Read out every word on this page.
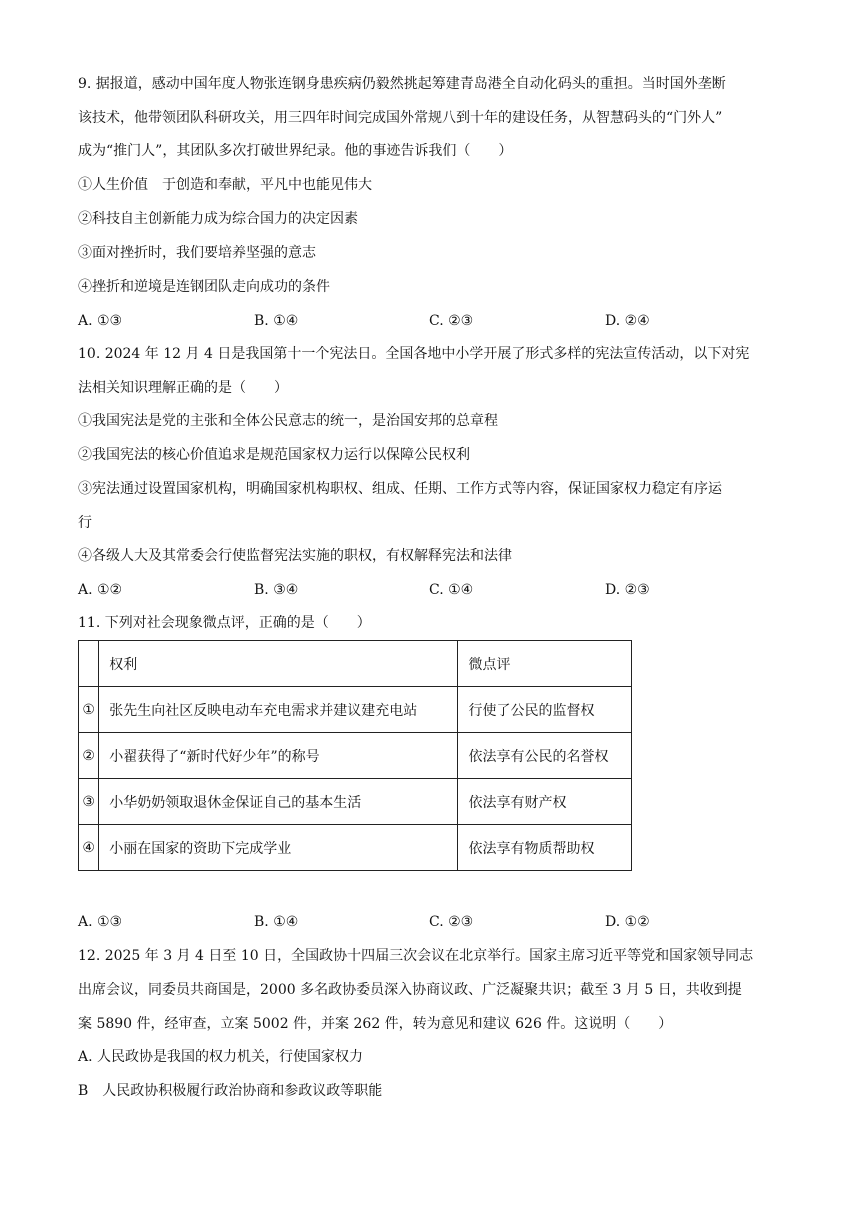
9. 据报道，感动中国年度人物张连钢身患疾病仍毅然挑起筹建青岛港全自动化码头的重担。当时国外垄断
该技术，他带领团队科研攻关，用三四年时间完成国外常规八到十年的建设任务，从智慧码头的“门外人”
成为“推门人”，其团队多次打破世界纪录。他的事迹告诉我们（　　）
①人生价值　于创造和奉献，平凡中也能见伟大
②科技自主创新能力成为综合国力的决定因素
③面对挫折时，我们要培养坚强的意志
④挫折和逆境是连钢团队走向成功的条件
A. ①③	B. ①④	C. ②③	D. ②④
10. 2024 年 12 月 4 日是我国第十一个宪法日。全国各地中小学开展了形式多样的宪法宣传活动，以下对宪
法相关知识理解正确的是（　　）
①我国宪法是党的主张和全体公民意志的统一，是治国安邦的总章程
②我国宪法的核心价值追求是规范国家权力运行以保障公民权利
③宪法通过设置国家机构，明确国家机构职权、组成、任期、工作方式等内容，保证国家权力稳定有序运
行
④各级人大及其常委会行使监督宪法实施的职权，有权解释宪法和法律
A. ①②	B. ③④	C. ①④	D. ②③
11. 下列对社会现象微点评，正确的是（　　）
	权利	微点评
①	张先生向社区反映电动车充电需求并建议建充电站	行使了公民的监督权
②	小翟获得了“新时代好少年”的称号	依法享有公民的名誉权
③	小华奶奶领取退休金保证自己的基本生活	依法享有财产权
④	小丽在国家的资助下完成学业	依法享有物质帮助权
A. ①③	B. ①④	C. ②③	D. ①②
12. 2025 年 3 月 4 日至 10 日，全国政协十四届三次会议在北京举行。国家主席习近平等党和国家领导同志
出席会议，同委员共商国是，2000 多名政协委员深入协商议政、广泛凝聚共识；截至 3 月 5 日，共收到提
案 5890 件，经审查，立案 5002 件，并案 262 件，转为意见和建议 626 件。这说明（　　）
A. 人民政协是我国的权力机关，行使国家权力
B　人民政协积极履行政治协商和参政议政等职能
